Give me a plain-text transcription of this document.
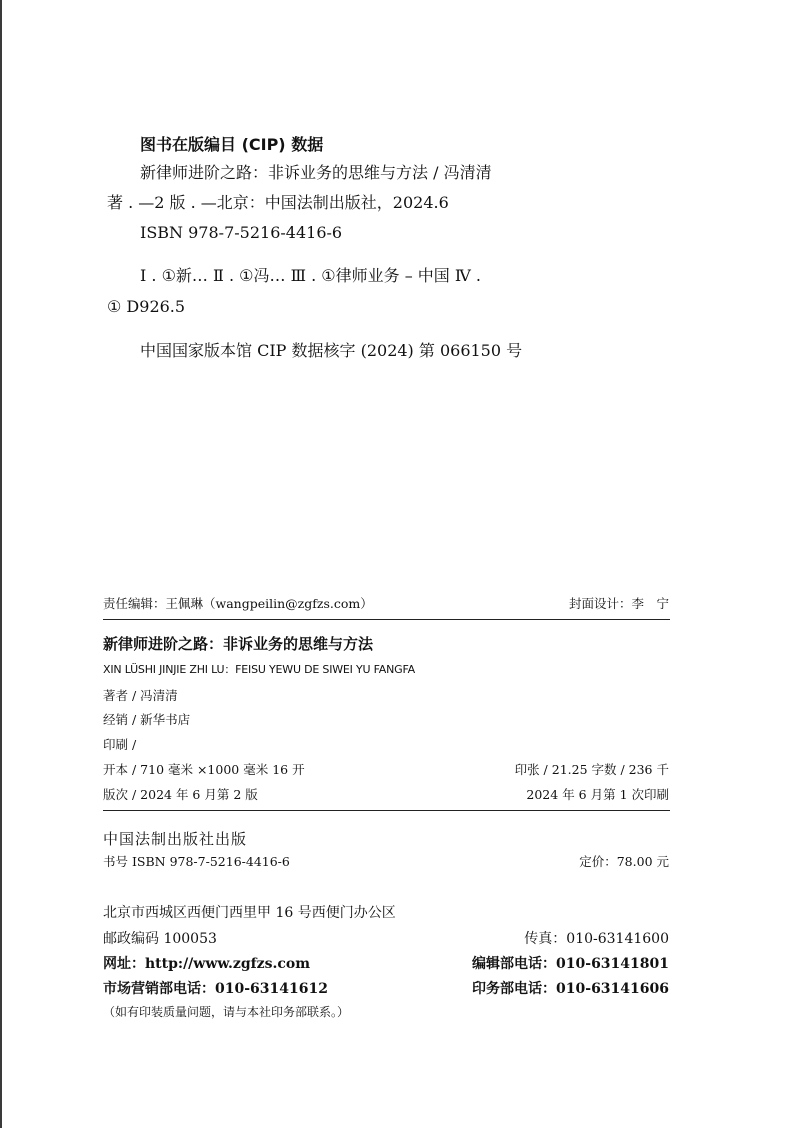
图书在版编目 (CIP) 数据
新律师进阶之路：非诉业务的思维与方法 / 冯清清
著 . —2 版 . —北京：中国法制出版社，2024.6
ISBN 978-7-5216-4416-6
Ⅰ . ①新… Ⅱ . ①冯… Ⅲ . ①律师业务 – 中国 Ⅳ .
① D926.5
中国国家版本馆 CIP 数据核字 (2024) 第 066150 号
责任编辑：王佩琳（wangpeilin@zgfzs.com）	封面设计：李　宁
新律师进阶之路：非诉业务的思维与方法
XIN LÜSHI JINJIE ZHI LU：FEISU YEWU DE SIWEI YU FANGFA
著者 / 冯清清
经销 / 新华书店
印刷 /
开本 / 710 毫米 ×1000 毫米 16 开	印张 / 21.25 字数 / 236 千
版次 / 2024 年 6 月第 2 版	2024 年 6 月第 1 次印刷
中国法制出版社出版
书号 ISBN 978-7-5216-4416-6	定价：78.00 元
北京市西城区西便门西里甲 16 号西便门办公区
邮政编码 100053	传真：010-63141600
网址：http://www.zgfzs.com	编辑部电话：010-63141801
市场营销部电话：010-63141612	印务部电话：010-63141606
（如有印装质量问题，请与本社印务部联系。）
